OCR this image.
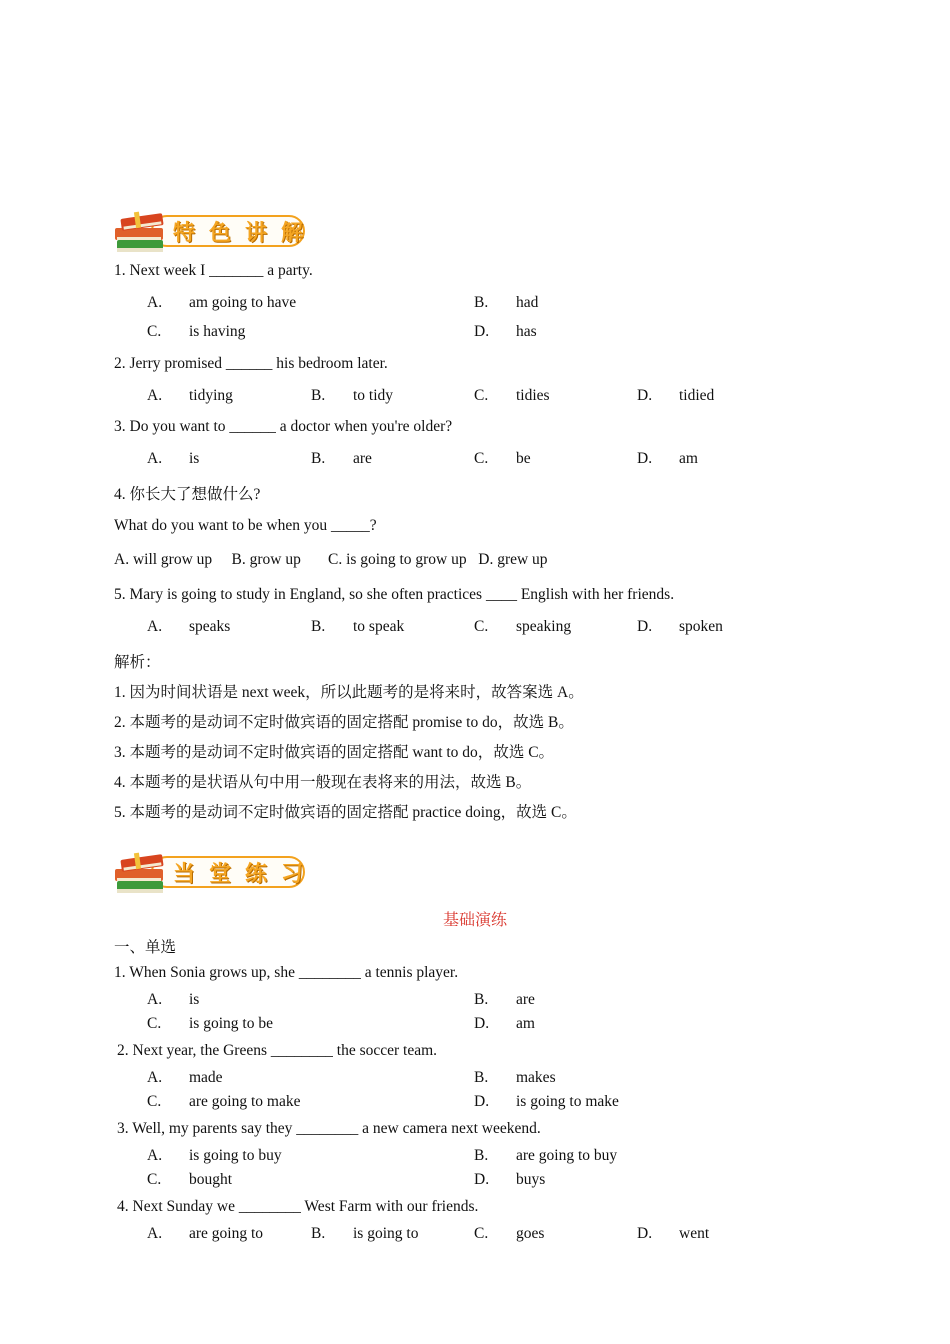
特 色 讲 解
1. Next week I _______ a party.
A. am going to have	B. had
C. is having	D. has
2. Jerry promised ______ his bedroom later.
A. tidying	B. to tidy	C. tidies	D. tidied
3. Do you want to ______ a doctor when you're older?
A. is	B. are	C. be	D. am
4. 你长大了想做什么?
What do you want to be when you _____?
A. will grow up     B. grow up       C. is going to grow up   D. grew up
5. Mary is going to study in England, so she often practices ____ English with her friends.
A. speaks	B. to speak	C. speaking	D. spoken
解析：
1. 因为时间状语是 next week，所以此题考的是将来时，故答案选 A。
2. 本题考的是动词不定时做宾语的固定搭配 promise to do，故选 B。
3. 本题考的是动词不定时做宾语的固定搭配 want to do，故选 C。
4. 本题考的是状语从句中用一般现在表将来的用法，故选 B。
5. 本题考的是动词不定时做宾语的固定搭配 practice doing，故选 C。
当 堂 练 习
基础演练
一、单选
1. When Sonia grows up, she ________ a tennis player.
A. is	B. are
C. is going to be	D. am
2. Next year, the Greens ________ the soccer team.
A. made	B. makes
C. are going to make	D. is going to make
3. Well, my parents say they ________ a new camera next weekend.
A. is going to buy	B. are going to buy
C. bought	D. buys
4. Next Sunday we ________ West Farm with our friends.
A. are going to	B. is going to	C. goes	D. went
